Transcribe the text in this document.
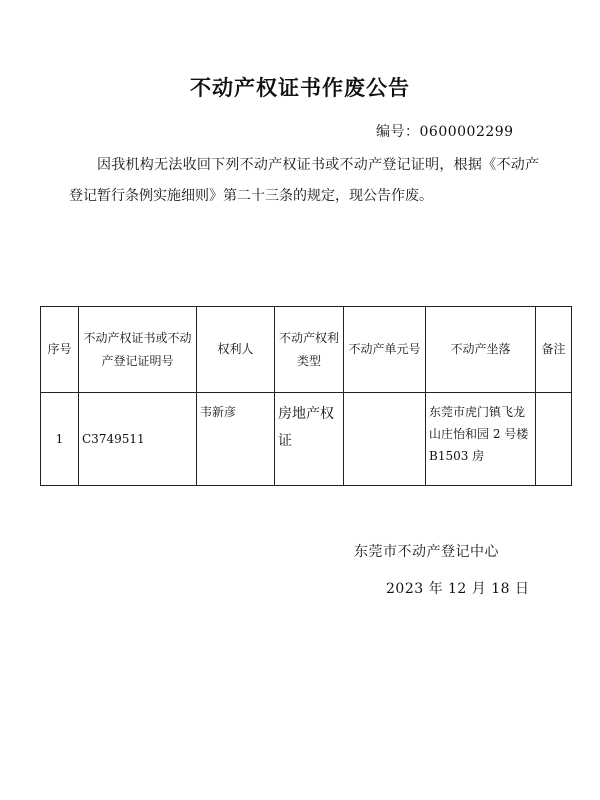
不动产权证书作废公告
编号：0600002299
因我机构无法收回下列不动产权证书或不动产登记证明，根据《不动产登记暂行条例实施细则》第二十三条的规定，现公告作废。
序号	不动产权证书或不动产登记证明号	权利人	不动产权利类型	不动产单元号	不动产坐落	备注
1	C3749511	韦新彦	房地产权证		东莞市虎门镇飞龙山庄怡和园 2 号楼 B1503 房	
东莞市不动产登记中心
2023 年 12 月 18 日
